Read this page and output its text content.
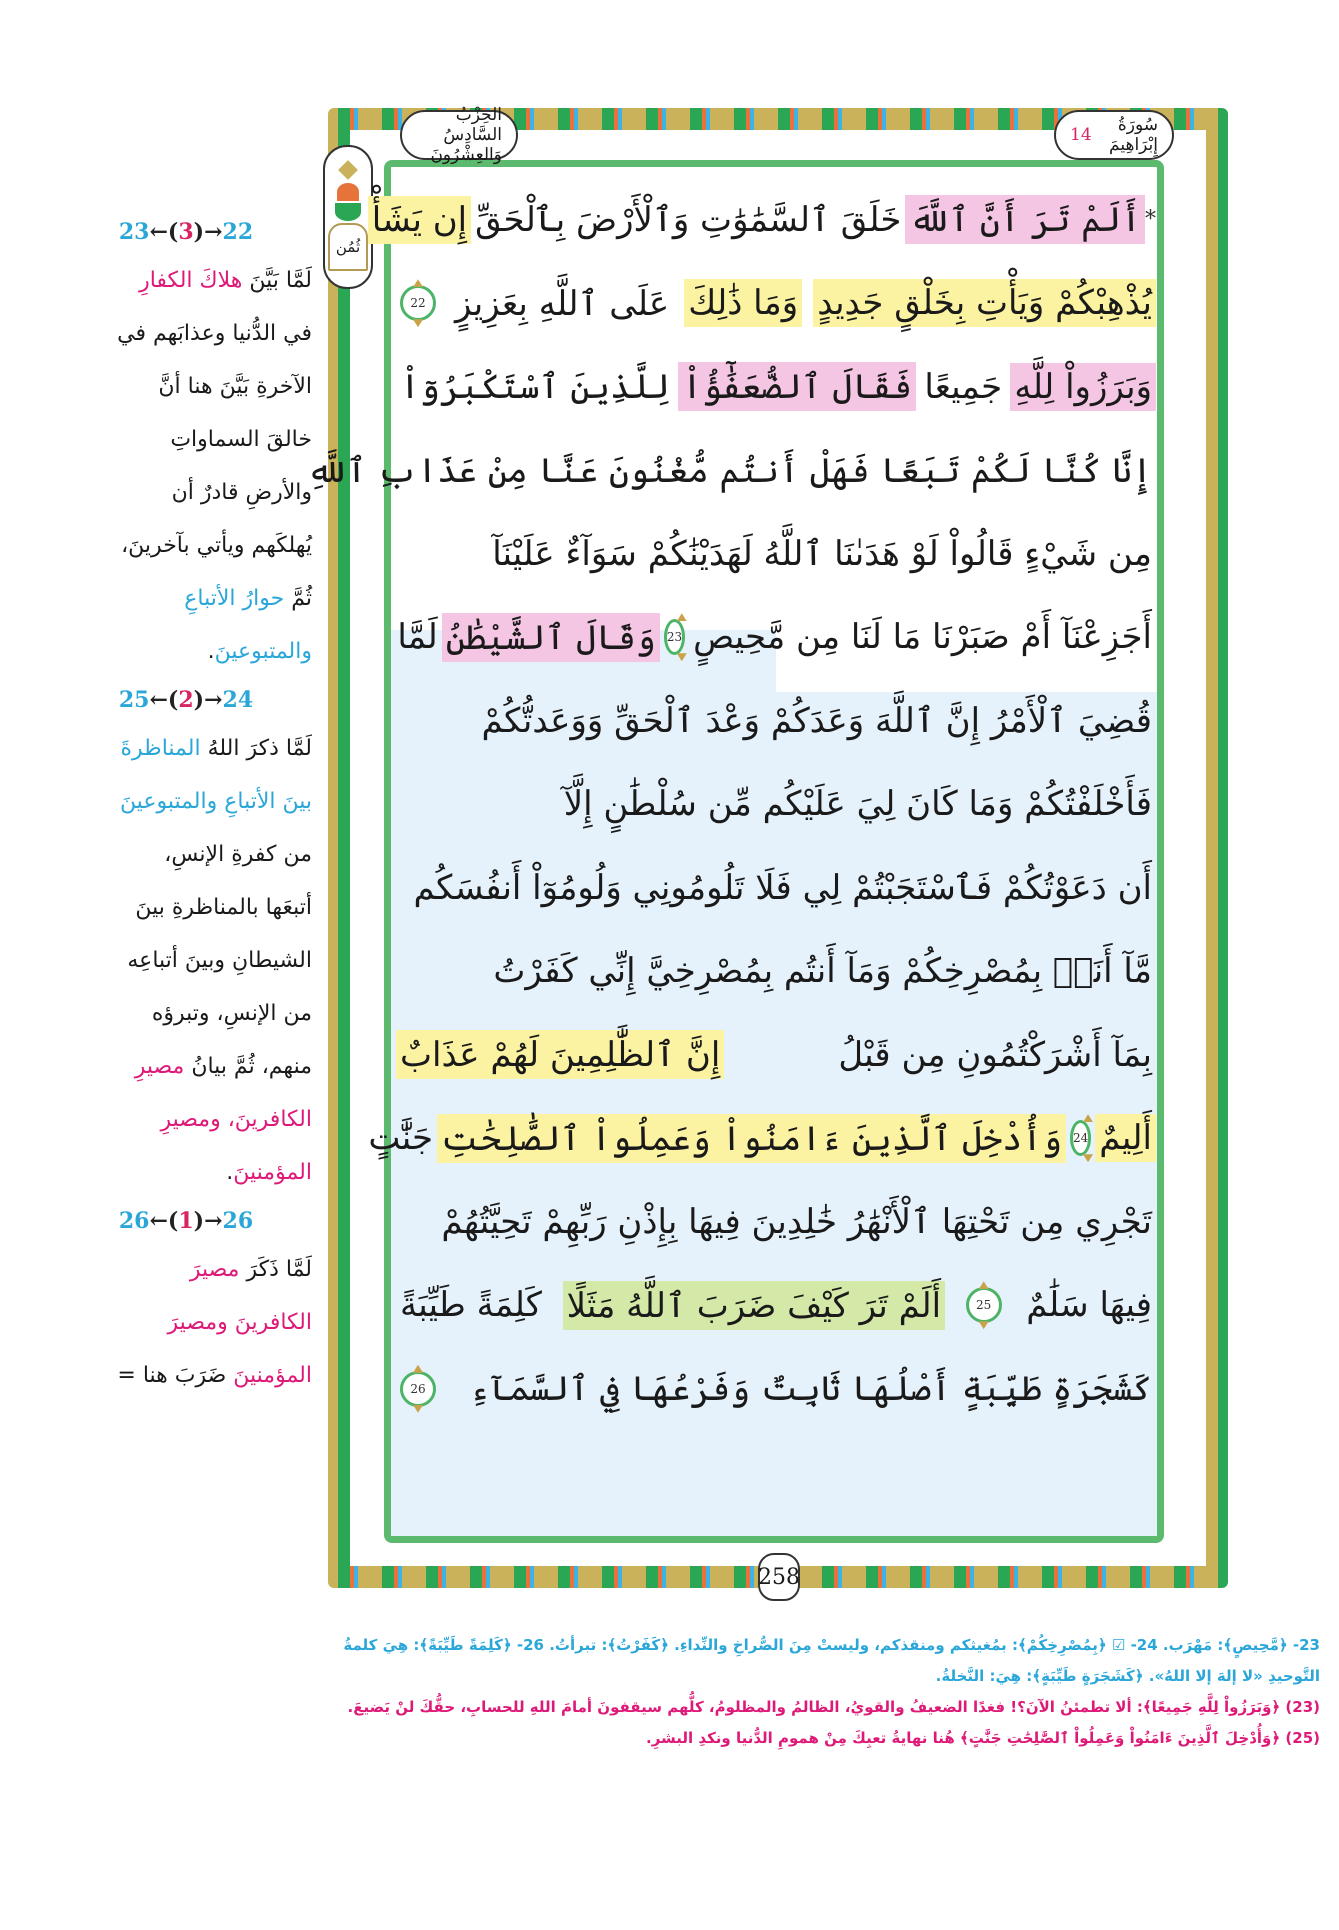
الحِزْبُ السَّادِسُ وَالعِشْرُونَ
سُورَةُ إِبْرَاهِيمَ
14
ثُمُن
258
*
أَلَمْ تَرَ أَنَّ ٱللَّهَ
خَلَقَ ٱلسَّمَٰوَٰتِ وَٱلْأَرْضَ بِٱلْحَقِّ
إِن يَشَأْ
يُذْهِبْكُمْ وَيَأْتِ بِخَلْقٍ جَدِيدٍ
وَمَا ذَٰلِكَ
عَلَى ٱللَّهِ بِعَزِيزٍ
22
وَبَرَزُواْ لِلَّهِ
جَمِيعًا
فَقَالَ ٱلضُّعَفَٰٓؤُاْ
لِلَّذِينَ ٱسْتَكْبَرُوٓاْ
إِنَّا كُنَّا لَكُمْ تَبَعًا فَهَلْ أَنتُم مُّغْنُونَ عَنَّا مِنْ عَذَابِ ٱللَّهِ
مِن شَيْءٍ قَالُواْ لَوْ هَدَىٰنَا ٱللَّهُ لَهَدَيْنَٰكُمْ سَوَآءٌ عَلَيْنَآ
أَجَزِعْنَآ أَمْ صَبَرْنَا مَا لَنَا مِن مَّحِيصٍ
23
وَقَالَ ٱلشَّيْطَٰنُ
لَمَّا
قُضِيَ ٱلْأَمْرُ إِنَّ ٱللَّهَ وَعَدَكُمْ وَعْدَ ٱلْحَقِّ وَوَعَدتُّكُمْ
فَأَخْلَفْتُكُمْ وَمَا كَانَ لِيَ عَلَيْكُم مِّن سُلْطَٰنٍ إِلَّآ
أَن دَعَوْتُكُمْ فَٱسْتَجَبْتُمْ لِي فَلَا تَلُومُونِي وَلُومُوٓاْ أَنفُسَكُم
مَّآ أَنَا۠ بِمُصْرِخِكُمْ وَمَآ أَنتُم بِمُصْرِخِيَّ إِنِّي كَفَرْتُ
بِمَآ أَشْرَكْتُمُونِ مِن قَبْلُ
إِنَّ ٱلظَّٰلِمِينَ لَهُمْ عَذَابٌ
أَلِيمٌ
24
وَأُدْخِلَ ٱلَّذِينَ ءَامَنُواْ وَعَمِلُواْ ٱلصَّٰلِحَٰتِ
جَنَّٰتٍ
تَجْرِي مِن تَحْتِهَا ٱلْأَنْهَٰرُ خَٰلِدِينَ فِيهَا بِإِذْنِ رَبِّهِمْ تَحِيَّتُهُمْ
فِيهَا سَلَٰمٌ
25
أَلَمْ تَرَ كَيْفَ ضَرَبَ ٱللَّهُ مَثَلًا
كَلِمَةً طَيِّبَةً
كَشَجَرَةٍ طَيِّبَةٍ أَصْلُهَا ثَابِتٌ وَفَرْعُهَا فِي ٱلسَّمَآءِ
26
23←(3)→22
لَمَّا بَيَّنَ هلاكَ الكفارِ
في الدُّنيا وعذابَهم في
الآخرةِ بَيَّنَ هنا أنَّ
خالقَ السماواتِ
والأرضِ قادرٌ أن
يُهلكَهم ويأتي بآخرينَ،
ثُمَّ حوارُ الأتباعِ
والمتبوعينَ.
25←(2)→24
لَمَّا ذكرَ اللهُ المناظرةَ
بينَ الأتباعِ والمتبوعينَ
من كفرةِ الإنسِ،
أتبعَها بالمناظرةِ بينَ
الشيطانِ وبينَ أتباعِه
من الإنسِ، وتبرؤه
منهم، ثُمَّ بيانُ مصيرِ
الكافرينَ، ومصيرِ
المؤمنينَ.
26←(1)→26
لَمَّا ذَكَرَ مصيرَ
الكافرينَ ومصيرَ
المؤمنينَ ضَرَبَ هنا =
23- ﴿مَّحِيصٍ﴾: مَهْرَب. 24- ☑ ﴿بِمُصْرِخِكُمْ﴾: بمُغيثكم ومنقذكم، وليستْ مِنَ الصُّراخِ والنِّداءِ. ﴿كَفَرْتُ﴾: تبرأتُ. 26- ﴿كَلِمَةً طَيِّبَةً﴾: هِيَ كلمةُ
التَّوحيدِ «لا إلهَ إلا اللهُ». ﴿كَشَجَرَةٍ طَيِّبَةٍ﴾: هِيَ: النَّخلةُ.
(23) ﴿وَبَرَزُواْ لِلَّهِ جَمِيعًا﴾: ألا تطمئنُ الآنَ؟! فغدًا الضعيفُ والقويُ، الظالمُ والمظلومُ، كلُّهم سيقفونَ أمامَ اللهِ للحسابِ، حقُّكَ لنْ يَضيعَ.
(25) ﴿وَأُدْخِلَ ٱلَّذِينَ ءَامَنُواْ وَعَمِلُواْ ٱلصَّٰلِحَٰتِ جَنَّٰتٍ﴾ هُنا نهايةُ تعبِكَ مِنْ همومِ الدُّنيا ونكدِ البشرِ.
